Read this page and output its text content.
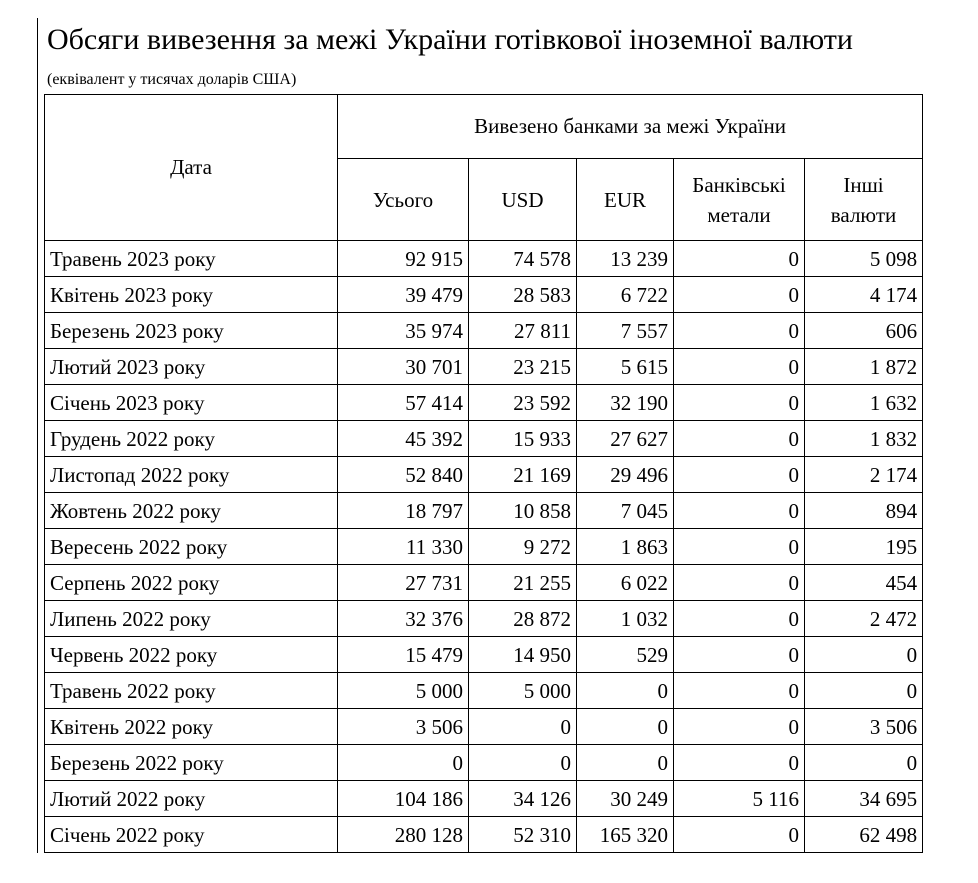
Обсяги вивезення за межі України готівкової іноземної валюти
(еквівалент у тисячах доларів США)
Дата	Вивезено банками за межі України				
	Усього	USD	EUR	Банківські метали	Інші валюти
Травень 2023 року	92 915	74 578	13 239	0	5 098
Квітень 2023 року	39 479	28 583	6 722	0	4 174
Березень 2023 року	35 974	27 811	7 557	0	606
Лютий 2023 року	30 701	23 215	5 615	0	1 872
Січень 2023 року	57 414	23 592	32 190	0	1 632
Грудень 2022 року	45 392	15 933	27 627	0	1 832
Листопад 2022 року	52 840	21 169	29 496	0	2 174
Жовтень 2022 року	18 797	10 858	7 045	0	894
Вересень 2022 року	11 330	9 272	1 863	0	195
Серпень 2022 року	27 731	21 255	6 022	0	454
Липень 2022 року	32 376	28 872	1 032	0	2 472
Червень 2022 року	15 479	14 950	529	0	0
Травень 2022 року	5 000	5 000	0	0	0
Квітень 2022 року	3 506	0	0	0	3 506
Березень 2022 року	0	0	0	0	0
Лютий 2022 року	104 186	34 126	30 249	5 116	34 695
Січень 2022 року	280 128	52 310	165 320	0	62 498
